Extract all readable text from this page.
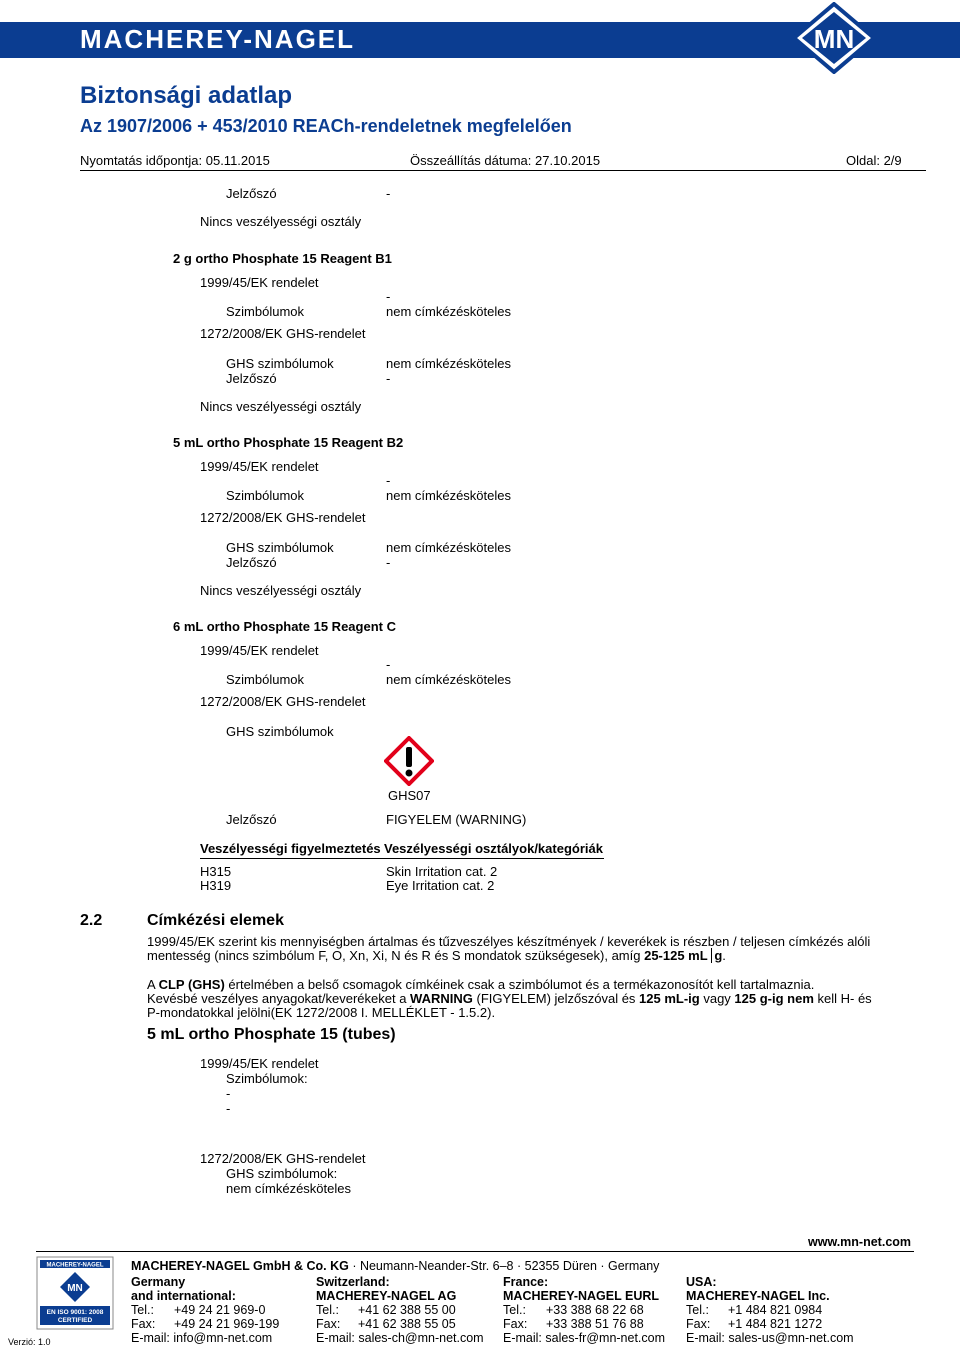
MACHEREY-NAGEL	MN
Biztonsági adatlap
Az 1907/2006 + 453/2010 REACh-rendeletnek megfelelően
Nyomtatás időpontja: 05.11.2015	Összeállítás dátuma: 27.10.2015	Oldal: 2/9
Jelzőszó	-
Nincs veszélyességi osztály
2 g ortho Phosphate 15 Reagent B1
1999/45/EK rendelet
-
Szimbólumok	nem címkézésköteles
1272/2008/EK GHS-rendelet
GHS szimbólumok	nem címkézésköteles
Jelzőszó	-
Nincs veszélyességi osztály
5 mL ortho Phosphate 15 Reagent B2
1999/45/EK rendelet
-
Szimbólumok	nem címkézésköteles
1272/2008/EK GHS-rendelet
GHS szimbólumok	nem címkézésköteles
Jelzőszó	-
Nincs veszélyességi osztály
6 mL ortho Phosphate 15 Reagent C
1999/45/EK rendelet
-
Szimbólumok	nem címkézésköteles
1272/2008/EK GHS-rendelet
GHS szimbólumok
GHS07
Jelzőszó	FIGYELEM (WARNING)
Veszélyességi figyelmeztetés Veszélyességi osztályok/kategóriák
H315	Skin Irritation cat. 2
H319	Eye Irritation cat. 2
2.2	Címkézési elemek
1999/45/EK szerint kis mennyiségben ártalmas és tűzveszélyes készítmények / keverékek is részben / teljesen címkézés alóli
mentesség (nincs szimbólum F, O, Xn, Xi, N és R és S mondatok szükségesek), amíg 25-125 mL g.
A CLP (GHS) értelmében a belső csomagok címkéinek csak a szimbólumot és a termékazonosítót kell tartalmaznia.
Kevésbé veszélyes anyagokat/keverékeket a WARNING (FIGYELEM) jelzőszóval és 125 mL-ig vagy 125 g-ig nem kell H- és
P-mondatokkal jelölni(EK 1272/2008 I. MELLÉKLET - 1.5.2).
5 mL ortho Phosphate 15 (tubes)
1999/45/EK rendelet
Szimbólumok:
-
-
1272/2008/EK GHS-rendelet
GHS szimbólumok:
nem címkézésköteles
www.mn-net.com
MACHEREY-NAGEL
MN
EN ISO 9001: 2008
CERTIFIED
Verzió: 1.0
MACHEREY-NAGEL GmbH & Co. KG · Neumann-Neander-Str. 6–8 · 52355 Düren · Germany
Germany
and international:
Tel.: +49 24 21 969-0
Fax: +49 24 21 969-199
E-mail: info@mn-net.com
Switzerland:
MACHEREY-NAGEL AG
Tel.: +41 62 388 55 00
Fax: +41 62 388 55 05
E-mail: sales-ch@mn-net.com
France:
MACHEREY-NAGEL EURL
Tel.: +33 388 68 22 68
Fax: +33 388 51 76 88
E-mail: sales-fr@mn-net.com
USA:
MACHEREY-NAGEL Inc.
Tel.: +1 484 821 0984
Fax: +1 484 821 1272
E-mail: sales-us@mn-net.com
